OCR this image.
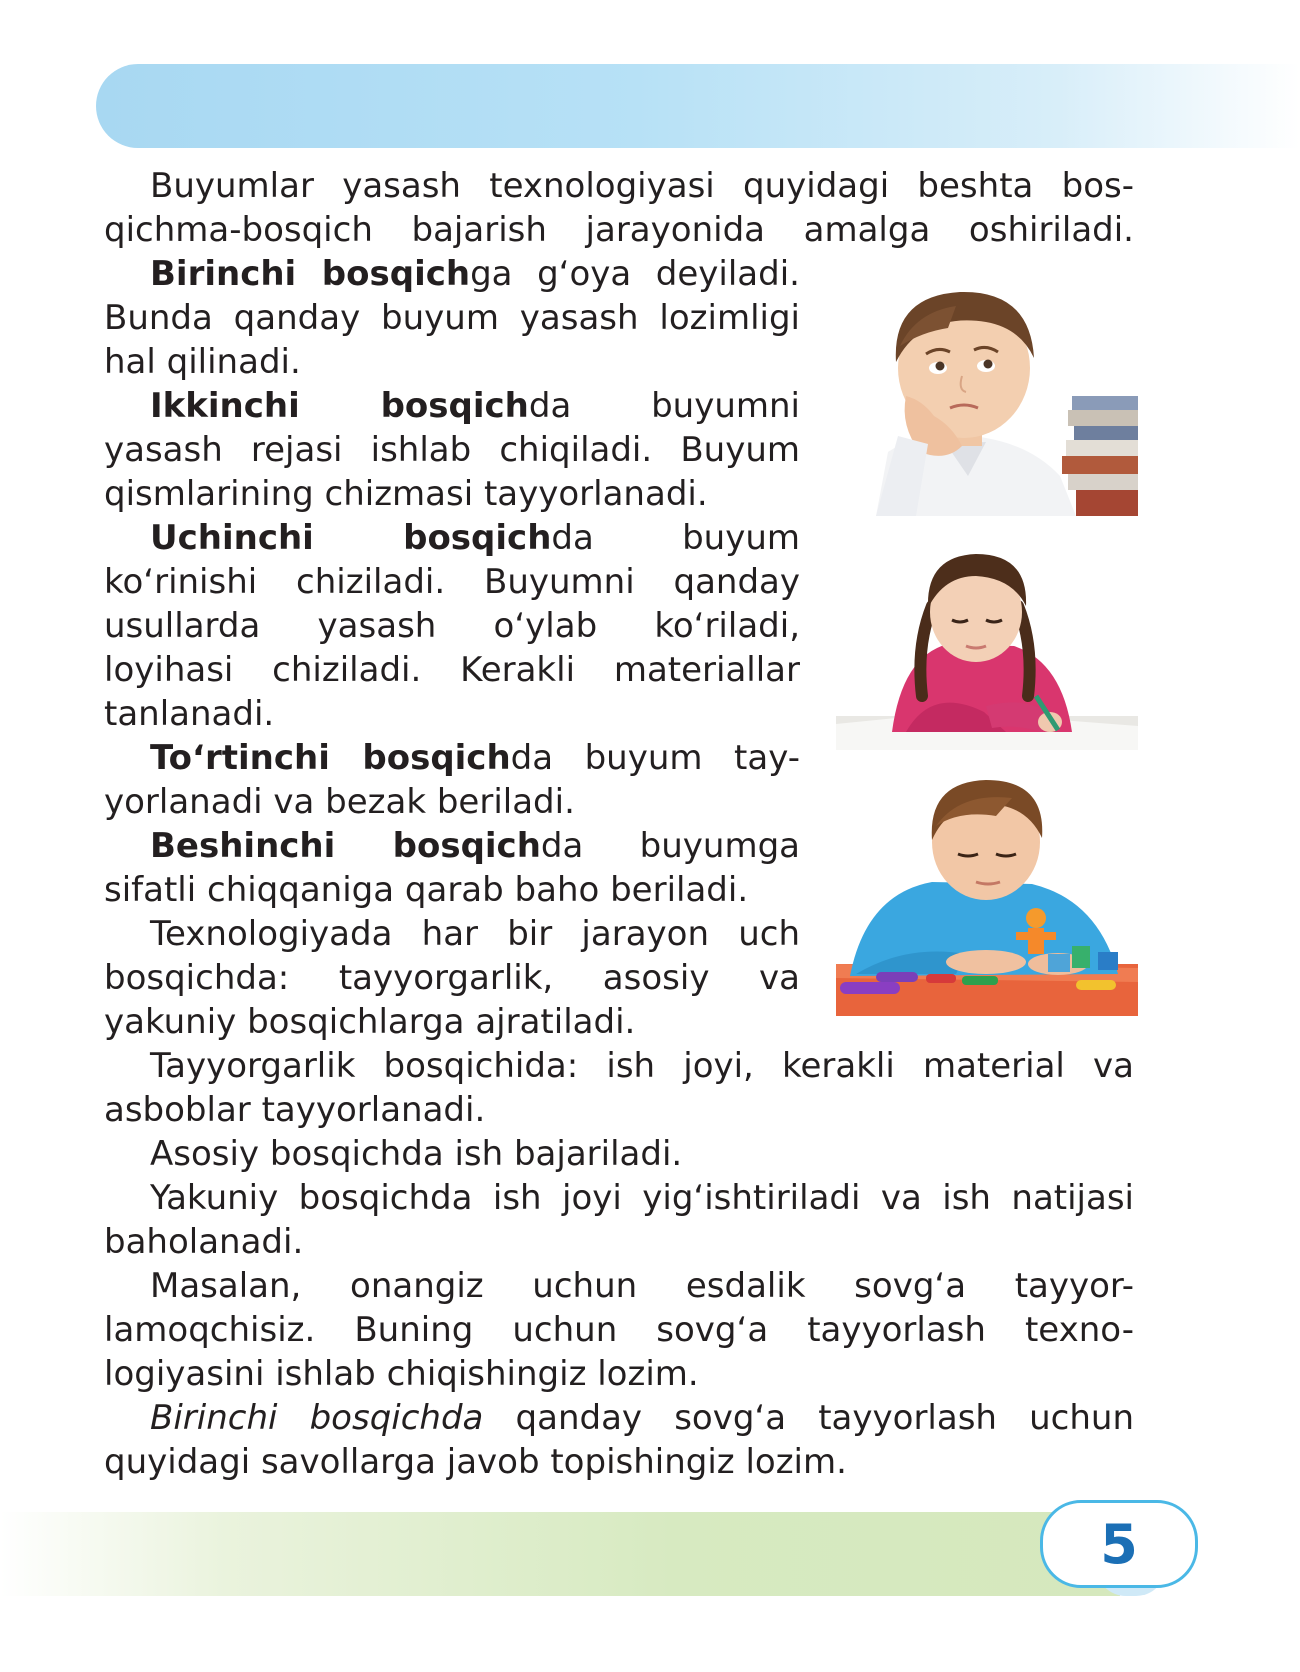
Buyumlar yasash texnologiyasi quyidagi beshta bos-

qichma-bosqich bajarish jarayonida amalga oshiriladi.

Birinchi bosqichga g‘oya deyiladi.

Bunda qanday buyum yasash lozimligi

hal qilinadi.

Ikkinchi bosqichda buyumni

yasash rejasi ishlab chiqiladi. Buyum

qismlarining chizmasi tayyorlanadi.

Uchinchi bosqichda buyum

ko‘rinishi chiziladi. Buyumni qanday

usullarda yasash o‘ylab ko‘riladi,

loyihasi chiziladi. Kerakli materiallar

tanlanadi.

To‘rtinchi bosqichda buyum tay-

yorlanadi va bezak beriladi.

Beshinchi bosqichda buyumga

sifatli chiqqaniga qarab baho beriladi.

Texnologiyada har bir jarayon uch

bosqichda: tayyorgarlik, asosiy va

yakuniy bosqichlarga ajratiladi.

Tayyorgarlik bosqichida: ish joyi, kerakli material va

asboblar tayyorlanadi.

Asosiy bosqichda ish bajariladi.

Yakuniy bosqichda ish joyi yig‘ishtiriladi va ish natijasi

baholanadi.

Masalan, onangiz uchun esdalik sovg‘a tayyor-

lamoqchisiz. Buning uchun sovg‘a tayyorlash texno-

logiyasini ishlab chiqishingiz lozim.

Birinchi bosqichda qanday sovg‘a tayyorlash uchun

quyidagi savollarga javob topishingiz lozim.

5
